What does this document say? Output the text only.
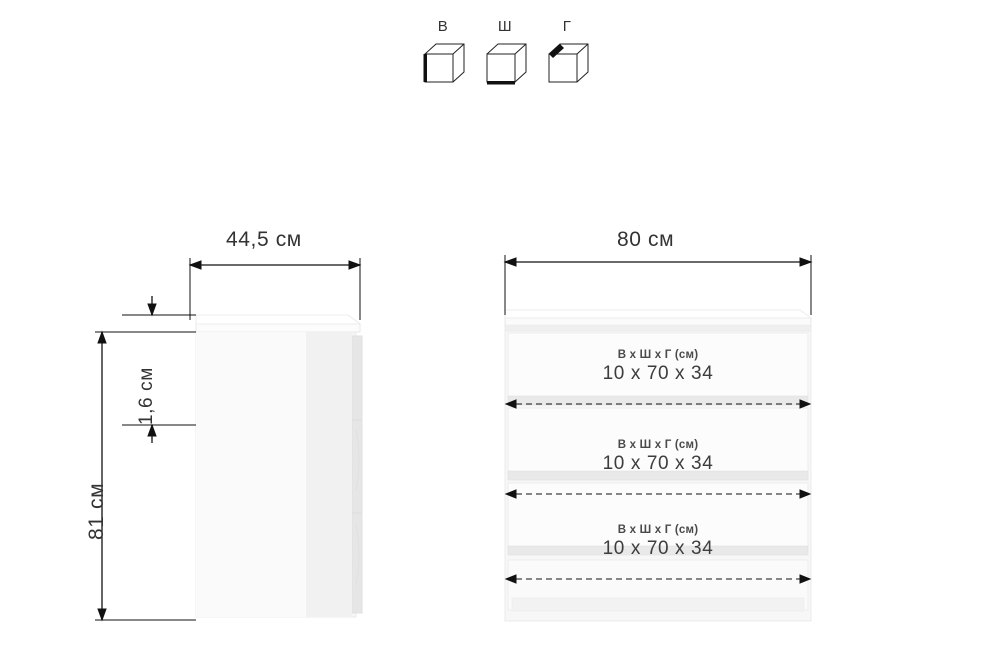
В	Ш	Г
44,5 см
1,6 см
81 см
80 см
В х Ш х Г (см)
10 x 70 x 34
В х Ш х Г (см)
10 x 70 x 34
В х Ш х Г (см)
10 x 70 x 34
